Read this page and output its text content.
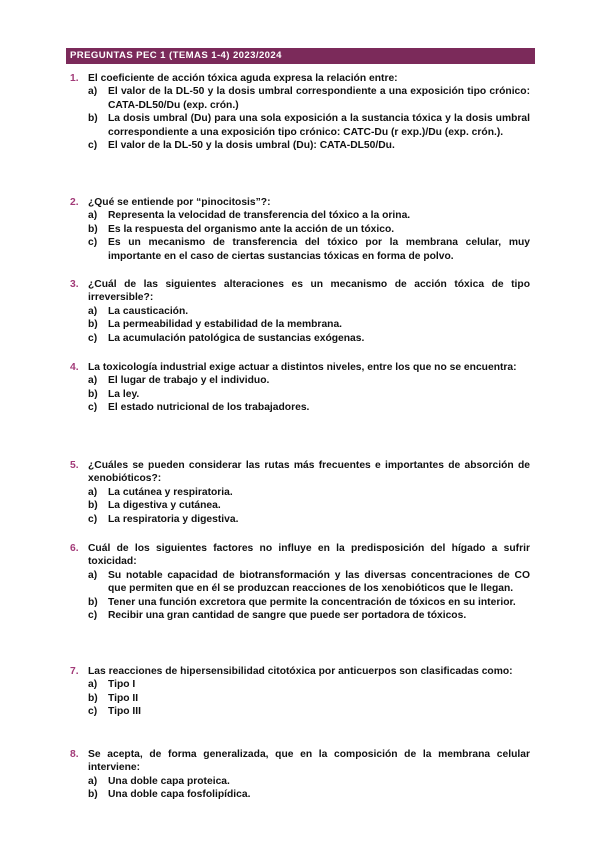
PREGUNTAS PEC 1 (TEMAS 1-4) 2023/2024
1. El coeficiente de acción tóxica aguda expresa la relación entre:
a) El valor de la DL-50 y la dosis umbral correspondiente a una exposición tipo crónico: CATA-DL50/Du (exp. crón.)
b) La dosis umbral (Du) para una sola exposición a la sustancia tóxica y la dosis umbral correspondiente a una exposición tipo crónico: CATC-Du (r exp.)/Du (exp. crón.).
c) El valor de la DL-50 y la dosis umbral (Du): CATA-DL50/Du.
2. ¿Qué se entiende por “pinocitosis”?:
a) Representa la velocidad de transferencia del tóxico a la orina.
b) Es la respuesta del organismo ante la acción de un tóxico.
c) Es un mecanismo de transferencia del tóxico por la membrana celular, muy importante en el caso de ciertas sustancias tóxicas en forma de polvo.
3. ¿Cuál de las siguientes alteraciones es un mecanismo de acción tóxica de tipo irreversible?:
a) La causticación.
b) La permeabilidad y estabilidad de la membrana.
c) La acumulación patológica de sustancias exógenas.
4. La toxicología industrial exige actuar a distintos niveles, entre los que no se encuentra:
a) El lugar de trabajo y el individuo.
b) La ley.
c) El estado nutricional de los trabajadores.
5. ¿Cuáles se pueden considerar las rutas más frecuentes e importantes de absorción de xenobióticos?:
a) La cutánea y respiratoria.
b) La digestiva y cutánea.
c) La respiratoria y digestiva.
6. Cuál de los siguientes factores no influye en la predisposición del hígado a sufrir toxicidad:
a) Su notable capacidad de biotransformación y las diversas concentraciones de CO que permiten que en él se produzcan reacciones de los xenobióticos que le llegan.
b) Tener una función excretora que permite la concentración de tóxicos en su interior.
c) Recibir una gran cantidad de sangre que puede ser portadora de tóxicos.
7. Las reacciones de hipersensibilidad citotóxica por anticuerpos son clasificadas como:
a) Tipo I
b) Tipo II
c) Tipo III
8. Se acepta, de forma generalizada, que en la composición de la membrana celular interviene:
a) Una doble capa proteica.
b) Una doble capa fosfolipídica.
